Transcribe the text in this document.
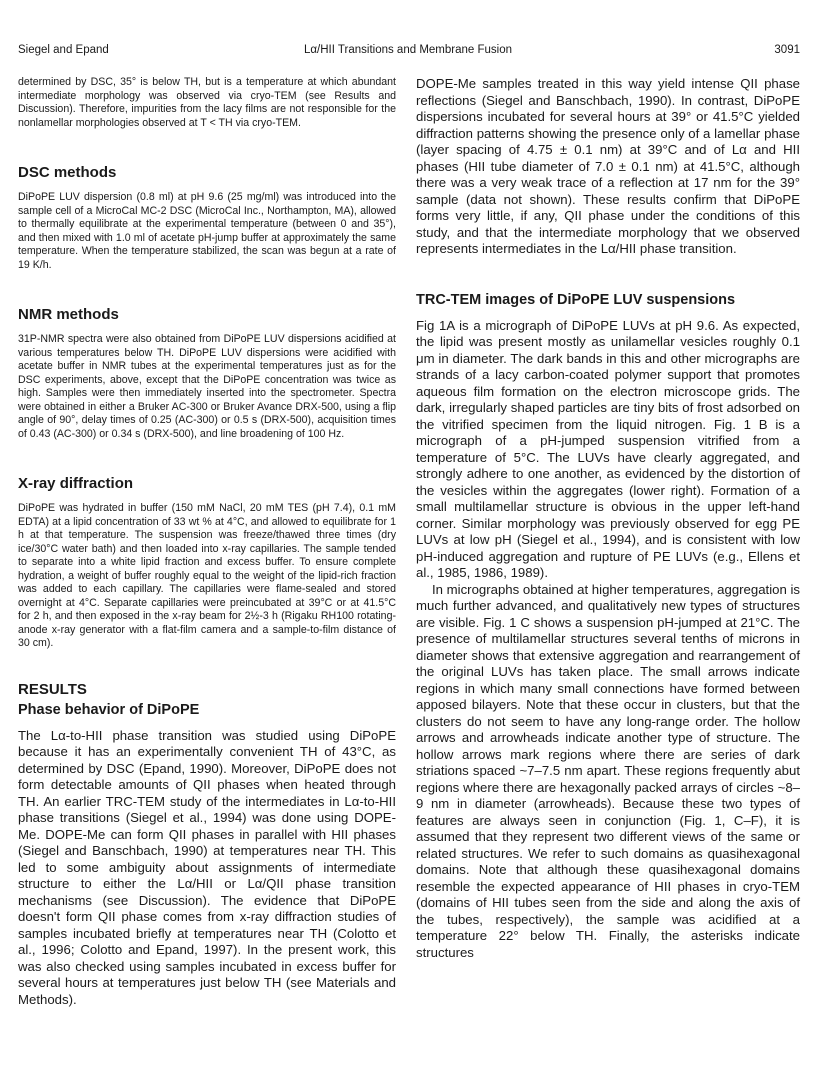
Siegel and Epand	Lα/HII Transitions and Membrane Fusion	3091

determined by DSC, 35° is below TH, but is a temperature at which abundant intermediate morphology was observed via cryo-TEM (see Results and Discussion). Therefore, impurities from the lacy films are not responsible for the nonlamellar morphologies observed at T < TH via cryo-TEM.

DSC methods

DiPoPE LUV dispersion (0.8 ml) at pH 9.6 (25 mg/ml) was introduced into the sample cell of a MicroCal MC-2 DSC (MicroCal Inc., Northampton, MA), allowed to thermally equilibrate at the experimental temperature (between 0 and 35°), and then mixed with 1.0 ml of acetate pH-jump buffer at approximately the same temperature. When the temperature stabilized, the scan was begun at a rate of 19 K/h.

NMR methods

31P-NMR spectra were also obtained from DiPoPE LUV dispersions acidified at various temperatures below TH. DiPoPE LUV dispersions were acidified with acetate buffer in NMR tubes at the experimental temperatures just as for the DSC experiments, above, except that the DiPoPE concentration was twice as high. Samples were then immediately inserted into the spectrometer. Spectra were obtained in either a Bruker AC-300 or Bruker Avance DRX-500, using a flip angle of 90°, delay times of 0.25 (AC-300) or 0.5 s (DRX-500), acquisition times of 0.43 (AC-300) or 0.34 s (DRX-500), and line broadening of 100 Hz.

X-ray diffraction

DiPoPE was hydrated in buffer (150 mM NaCl, 20 mM TES (pH 7.4), 0.1 mM EDTA) at a lipid concentration of 33 wt % at 4°C, and allowed to equilibrate for 1 h at that temperature. The suspension was freeze/thawed three times (dry ice/30°C water bath) and then loaded into x-ray capillaries. The sample tended to separate into a white lipid fraction and excess buffer. To ensure complete hydration, a weight of buffer roughly equal to the weight of the lipid-rich fraction was added to each capillary. The capillaries were flame-sealed and stored overnight at 4°C. Separate capillaries were preincubated at 39°C or at 41.5°C for 2 h, and then exposed in the x-ray beam for 2½-3 h (Rigaku RH100 rotating-anode x-ray generator with a flat-film camera and a sample-to-film distance of 30 cm).

RESULTS
Phase behavior of DiPoPE

The Lα-to-HII phase transition was studied using DiPoPE because it has an experimentally convenient TH of 43°C, as determined by DSC (Epand, 1990). Moreover, DiPoPE does not form detectable amounts of QII phases when heated through TH. An earlier TRC-TEM study of the intermediates in Lα-to-HII phase transitions (Siegel et al., 1994) was done using DOPE-Me. DOPE-Me can form QII phases in parallel with HII phases (Siegel and Banschbach, 1990) at temperatures near TH. This led to some ambiguity about assignments of intermediate structure to either the Lα/HII or Lα/QII phase transition mechanisms (see Discussion). The evidence that DiPoPE doesn't form QII phase comes from x-ray diffraction studies of samples incubated briefly at temperatures near TH (Colotto et al., 1996; Colotto and Epand, 1997). In the present work, this was also checked using samples incubated in excess buffer for several hours at temperatures just below TH (see Materials and Methods).

DOPE-Me samples treated in this way yield intense QII phase reflections (Siegel and Banschbach, 1990). In contrast, DiPoPE dispersions incubated for several hours at 39° or 41.5°C yielded diffraction patterns showing the presence only of a lamellar phase (layer spacing of 4.75 ± 0.1 nm) at 39°C and of Lα and HII phases (HII tube diameter of 7.0 ± 0.1 nm) at 41.5°C, although there was a very weak trace of a reflection at 17 nm for the 39° sample (data not shown). These results confirm that DiPoPE forms very little, if any, QII phase under the conditions of this study, and that the intermediate morphology that we observed represents intermediates in the Lα/HII phase transition.

TRC-TEM images of DiPoPE LUV suspensions

Fig 1A is a micrograph of DiPoPE LUVs at pH 9.6. As expected, the lipid was present mostly as unilamellar vesicles roughly 0.1 μm in diameter. The dark bands in this and other micrographs are strands of a lacy carbon-coated polymer support that promotes aqueous film formation on the electron microscope grids. The dark, irregularly shaped particles are tiny bits of frost adsorbed on the vitrified specimen from the liquid nitrogen. Fig. 1 B is a micrograph of a pH-jumped suspension vitrified from a temperature of 5°C. The LUVs have clearly aggregated, and strongly adhere to one another, as evidenced by the distortion of the vesicles within the aggregates (lower right). Formation of a small multilamellar structure is obvious in the upper left-hand corner. Similar morphology was previously observed for egg PE LUVs at low pH (Siegel et al., 1994), and is consistent with low pH-induced aggregation and rupture of PE LUVs (e.g., Ellens et al., 1985, 1986, 1989).

In micrographs obtained at higher temperatures, aggregation is much further advanced, and qualitatively new types of structures are visible. Fig. 1 C shows a suspension pH-jumped at 21°C. The presence of multilamellar structures several tenths of microns in diameter shows that extensive aggregation and rearrangement of the original LUVs has taken place. The small arrows indicate regions in which many small connections have formed between apposed bilayers. Note that these occur in clusters, but that the clusters do not seem to have any long-range order. The hollow arrows and arrowheads indicate another type of structure. The hollow arrows mark regions where there are series of dark striations spaced ~7–7.5 nm apart. These regions frequently abut regions where there are hexagonally packed arrays of circles ~8–9 nm in diameter (arrowheads). Because these two types of features are always seen in conjunction (Fig. 1, C–F), it is assumed that they represent two different views of the same or related structures. We refer to such domains as quasihexagonal domains. Note that although these quasihexagonal domains resemble the expected appearance of HII phases in cryo-TEM (domains of HII tubes seen from the side and along the axis of the tubes, respectively), the sample was acidified at a temperature 22° below TH. Finally, the asterisks indicate structures
